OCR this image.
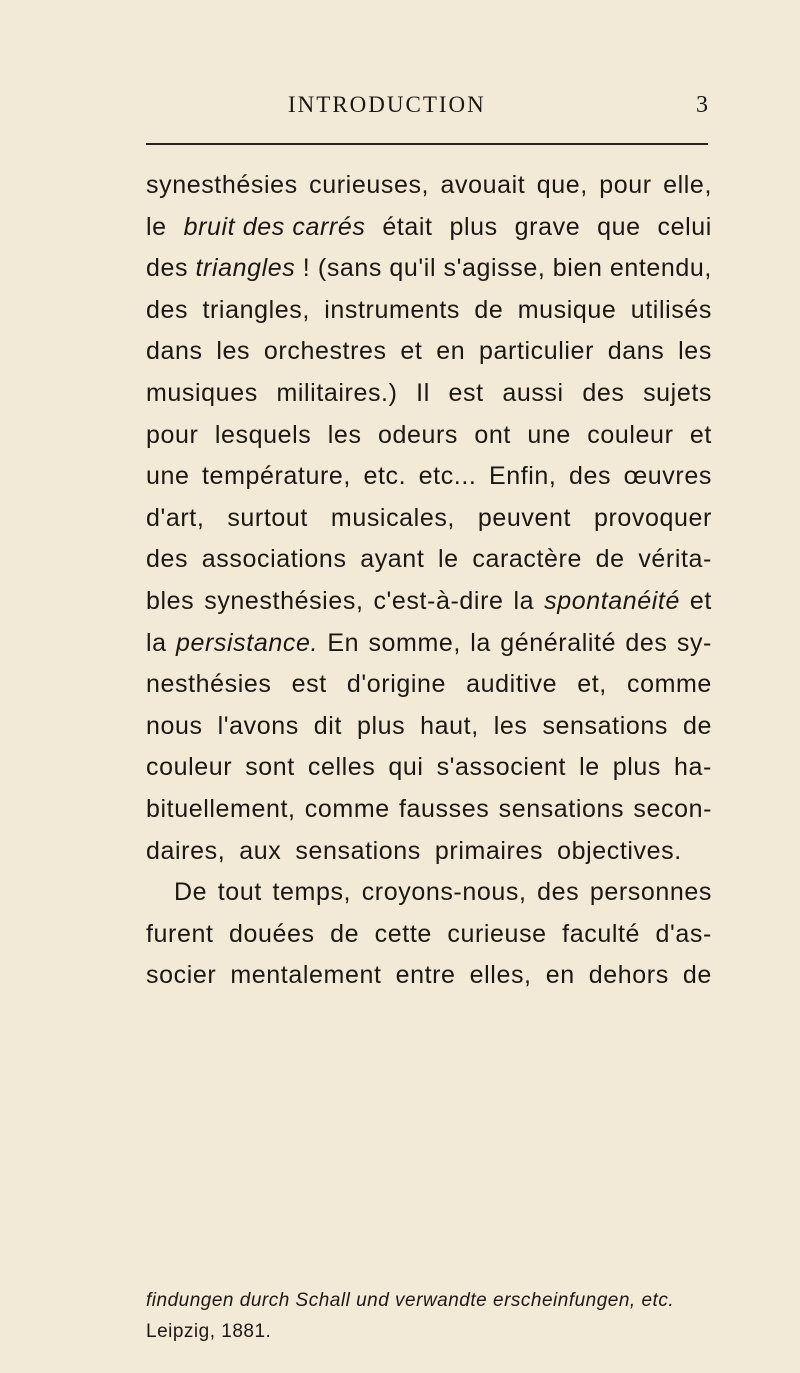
INTRODUCTION	3
synesthésies curieuses, avouait que, pour elle,
le bruit des carrés était plus grave que celui
des triangles ! (sans qu'il s'agisse, bien entendu,
des triangles, instruments de musique utilisés
dans les orchestres et en particulier dans les
musiques militaires.) Il est aussi des sujets
pour lesquels les odeurs ont une couleur et
une température, etc. etc... Enfin, des œuvres
d'art, surtout musicales, peuvent provoquer
des associations ayant le caractère de vérita-
bles synesthésies, c'est-à-dire la spontanéité et
la persistance. En somme, la généralité des sy-
nesthésies est d'origine auditive et, comme
nous l'avons dit plus haut, les sensations de
couleur sont celles qui s'associent le plus ha-
bituellement, comme fausses sensations secon-
daires, aux sensations primaires objectives.
De tout temps, croyons-nous, des personnes
furent douées de cette curieuse faculté d'as-
socier mentalement entre elles, en dehors de
findungen durch Schall und verwandte erscheinfungen, etc.
Leipzig, 1881.
